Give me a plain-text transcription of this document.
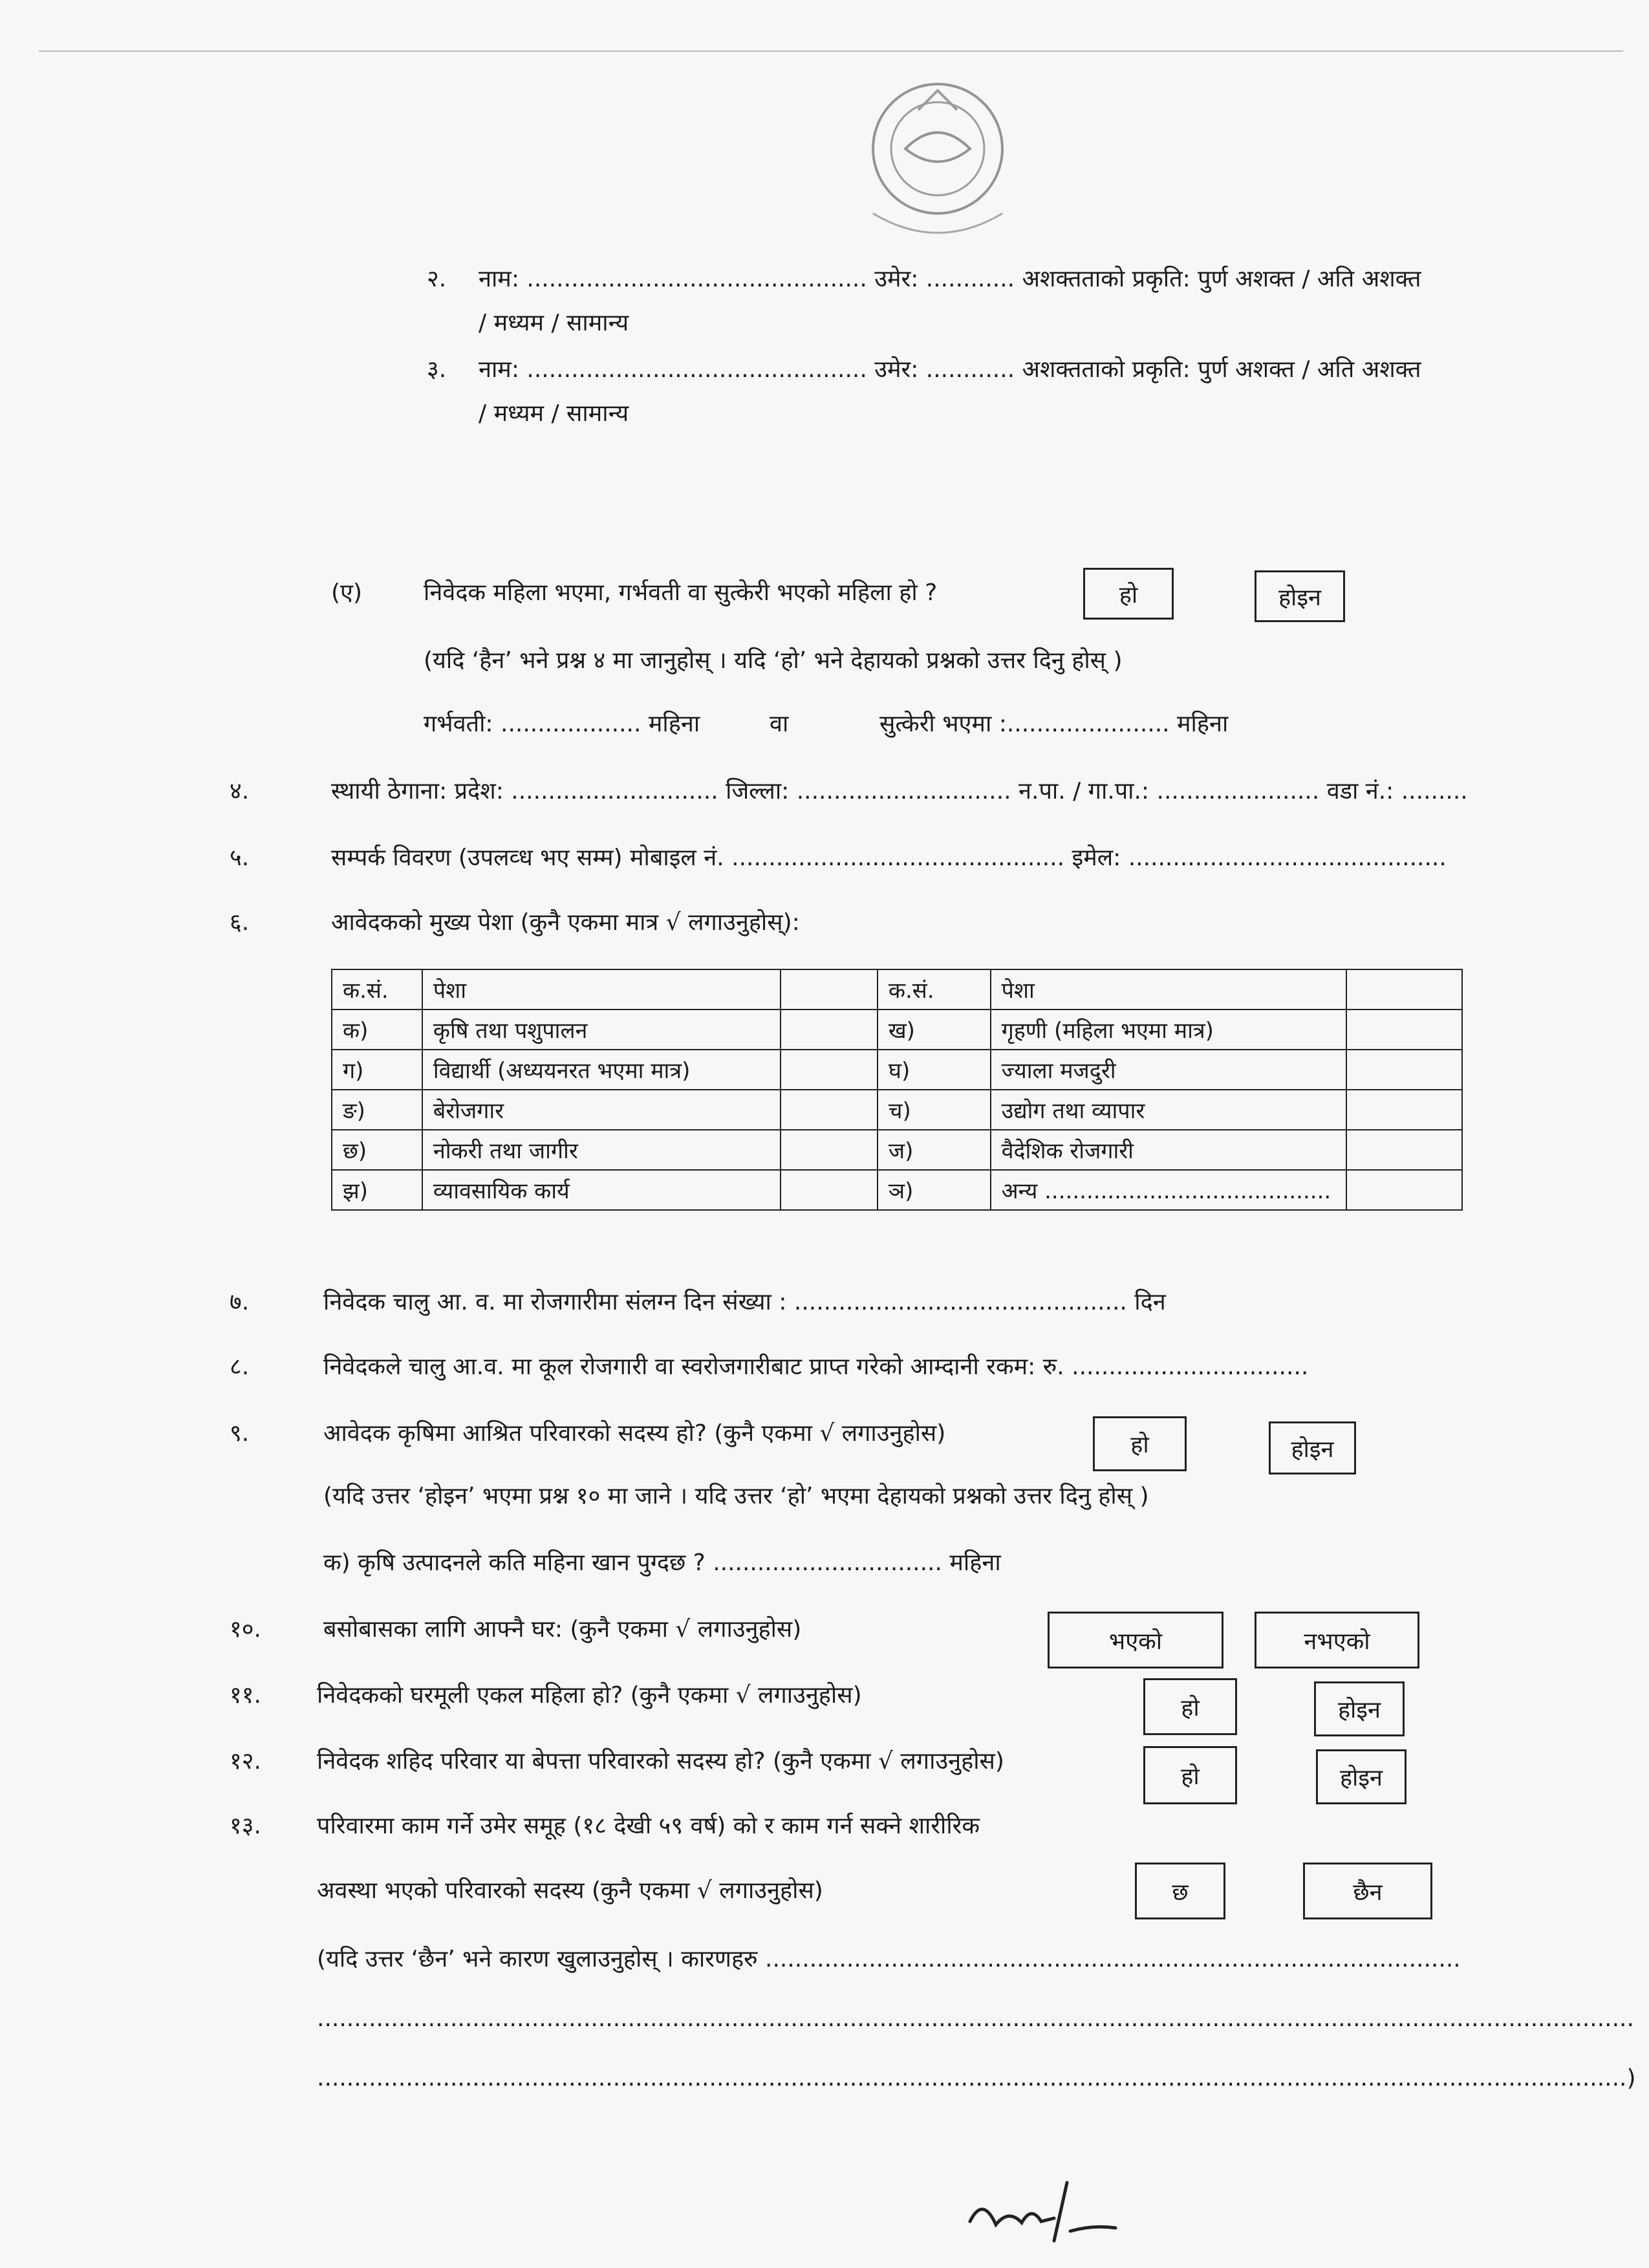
२. नाम: .............................................. उमेर: ............ अशक्तताको प्रकृति: पुर्ण अशक्त / अति अशक्त
/ मध्यम / सामान्य
३. नाम: .............................................. उमेर: ............ अशक्तताको प्रकृति: पुर्ण अशक्त / अति अशक्त
/ मध्यम / सामान्य
(ए)	निवेदक महिला भएमा, गर्भवती वा सुत्केरी भएको महिला हो ?	हो	होइन
(यदि ‘हैन’ भने प्रश्न ४ मा जानुहोस् । यदि ‘हो’ भने देहायको प्रश्नको उत्तर दिनु होस् )
गर्भवती: ................... महिना	वा	सुत्केरी भएमा :...................... महिना
४.	स्थायी ठेगाना: प्रदेश: ............................ जिल्ला: ............................. न.पा. / गा.पा.: ...................... वडा नं.: .........
५.	सम्पर्क विवरण (उपलव्ध भए सम्म) मोबाइल नं. ............................................. इमेल: ...........................................
६.	आवेदकको मुख्य पेशा (कुनै एकमा मात्र √ लगाउनुहोस्):
क.सं.	पेशा		क.सं.	पेशा	
क)	कृषि तथा पशुपालन		ख)	गृहणी (महिला भएमा मात्र)	
ग)	विद्यार्थी (अध्ययनरत भएमा मात्र)		घ)	ज्याला मजदुरी	
ङ)	बेरोजगार		च)	उद्योग तथा व्यापार	
छ)	नोकरी तथा जागीर		ज)	वैदेशिक रोजगारी	
झ)	व्यावसायिक कार्य		ञ)	अन्य .........................................	
७.	निवेदक चालु आ. व. मा रोजगारीमा संलग्न दिन संख्या : ............................................. दिन
८.	निवेदकले चालु आ.व. मा कूल रोजगारी वा स्वरोजगारीबाट प्राप्त गरेको आम्दानी रकम: रु. ................................
९.	आवेदक कृषिमा आश्रित परिवारको सदस्य हो? (कुनै एकमा √ लगाउनुहोस)	हो	होइन
(यदि उत्तर ‘होइन’ भएमा प्रश्न १० मा जाने । यदि उत्तर ‘हो’ भएमा देहायको प्रश्नको उत्तर दिनु होस् )
क) कृषि उत्पादनले कति महिना खान पुग्दछ ? ............................... महिना
१०.	बसोबासका लागि आफ्नै घर: (कुनै एकमा √ लगाउनुहोस)	भएको	नभएको
११. निवेदकको घरमूली एकल महिला हो? (कुनै एकमा √ लगाउनुहोस)	हो	होइन
१२. निवेदक शहिद परिवार या बेपत्ता परिवारको सदस्य हो? (कुनै एकमा √ लगाउनुहोस)
हो	होइन
१३. परिवारमा काम गर्ने उमेर समूह (१८ देखी ५९ वर्ष) को र काम गर्न सक्ने शारीरिक
अवस्था भएको परिवारको सदस्य (कुनै एकमा √ लगाउनुहोस)	छ	छैन
(यदि उत्तर ‘छैन’ भने कारण खुलाउनुहोस् । कारणहरु ..............................................................................................
..................................................................................................................................................................................
.................................................................................................................................................................................)
